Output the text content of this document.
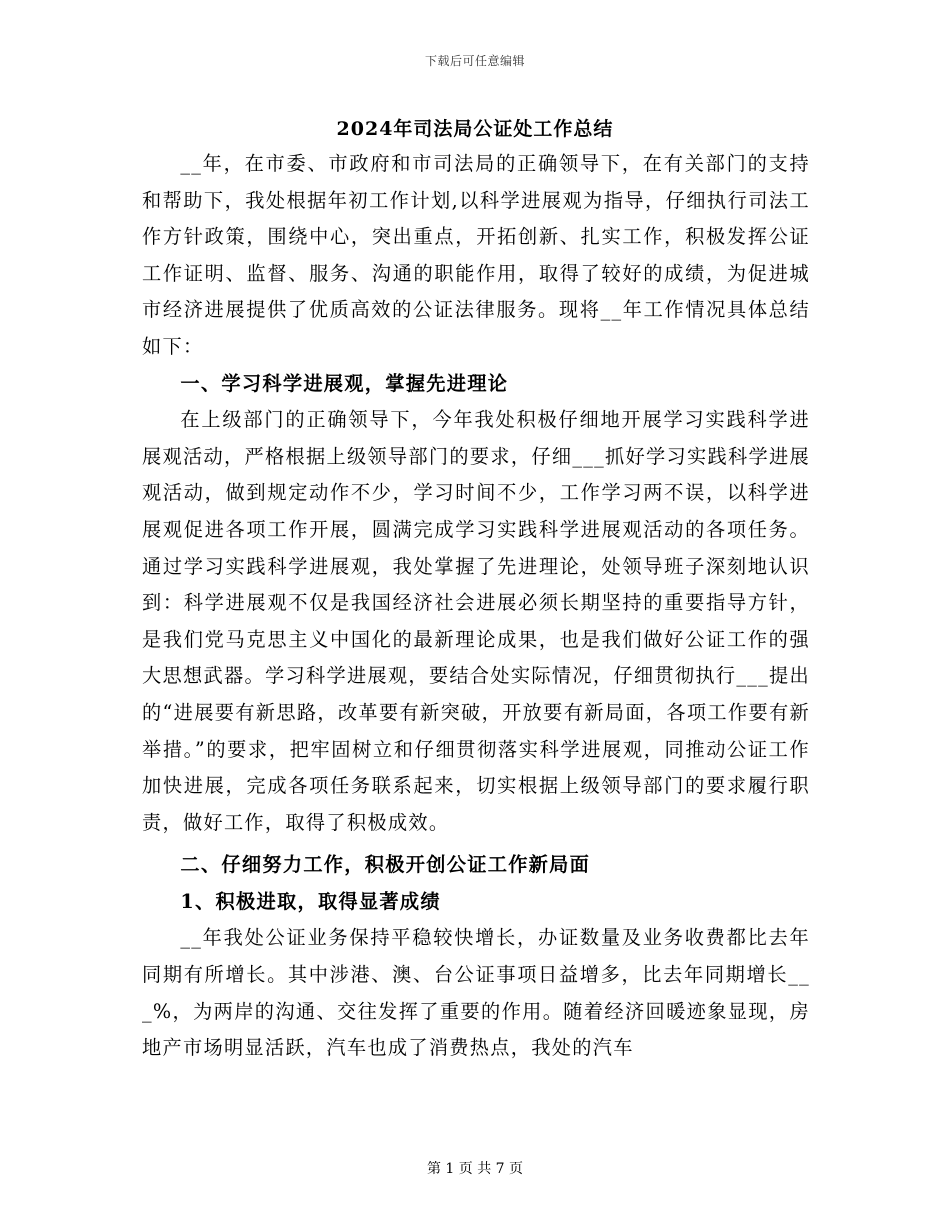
下载后可任意编辑
2024年司法局公证处工作总结

__年，在市委、市政府和市司法局的正确领导下，在有关部门的支持和帮助下，我处根据年初工作计划,以科学进展观为指导，仔细执行司法工作方针政策，围绕中心，突出重点，开拓创新、扎实工作，积极发挥公证工作证明、监督、服务、沟通的职能作用，取得了较好的成绩，为促进城市经济进展提供了优质高效的公证法律服务。现将__年工作情况具体总结如下：

一、学习科学进展观，掌握先进理论

在上级部门的正确领导下，今年我处积极仔细地开展学习实践科学进展观活动，严格根据上级领导部门的要求，仔细___抓好学习实践科学进展观活动，做到规定动作不少，学习时间不少，工作学习两不误，以科学进展观促进各项工作开展，圆满完成学习实践科学进展观活动的各项任务。通过学习实践科学进展观，我处掌握了先进理论，处领导班子深刻地认识到：科学进展观不仅是我国经济社会进展必须长期坚持的重要指导方针，是我们党马克思主义中国化的最新理论成果，也是我们做好公证工作的强大思想武器。学习科学进展观，要结合处实际情况，仔细贯彻执行___提出的“进展要有新思路，改革要有新突破，开放要有新局面，各项工作要有新举措。”的要求，把牢固树立和仔细贯彻落实科学进展观，同推动公证工作加快进展，完成各项任务联系起来，切实根据上级领导部门的要求履行职责，做好工作，取得了积极成效。

二、仔细努力工作，积极开创公证工作新局面
1、积极进取，取得显著成绩

__年我处公证业务保持平稳较快增长，办证数量及业务收费都比去年同期有所增长。其中涉港、澳、台公证事项日益增多，比去年同期增长___%，为两岸的沟通、交往发挥了重要的作用。随着经济回暖迹象显现，房地产市场明显活跃，汽车也成了消费热点，我处的汽车

第 1 页 共 7 页
